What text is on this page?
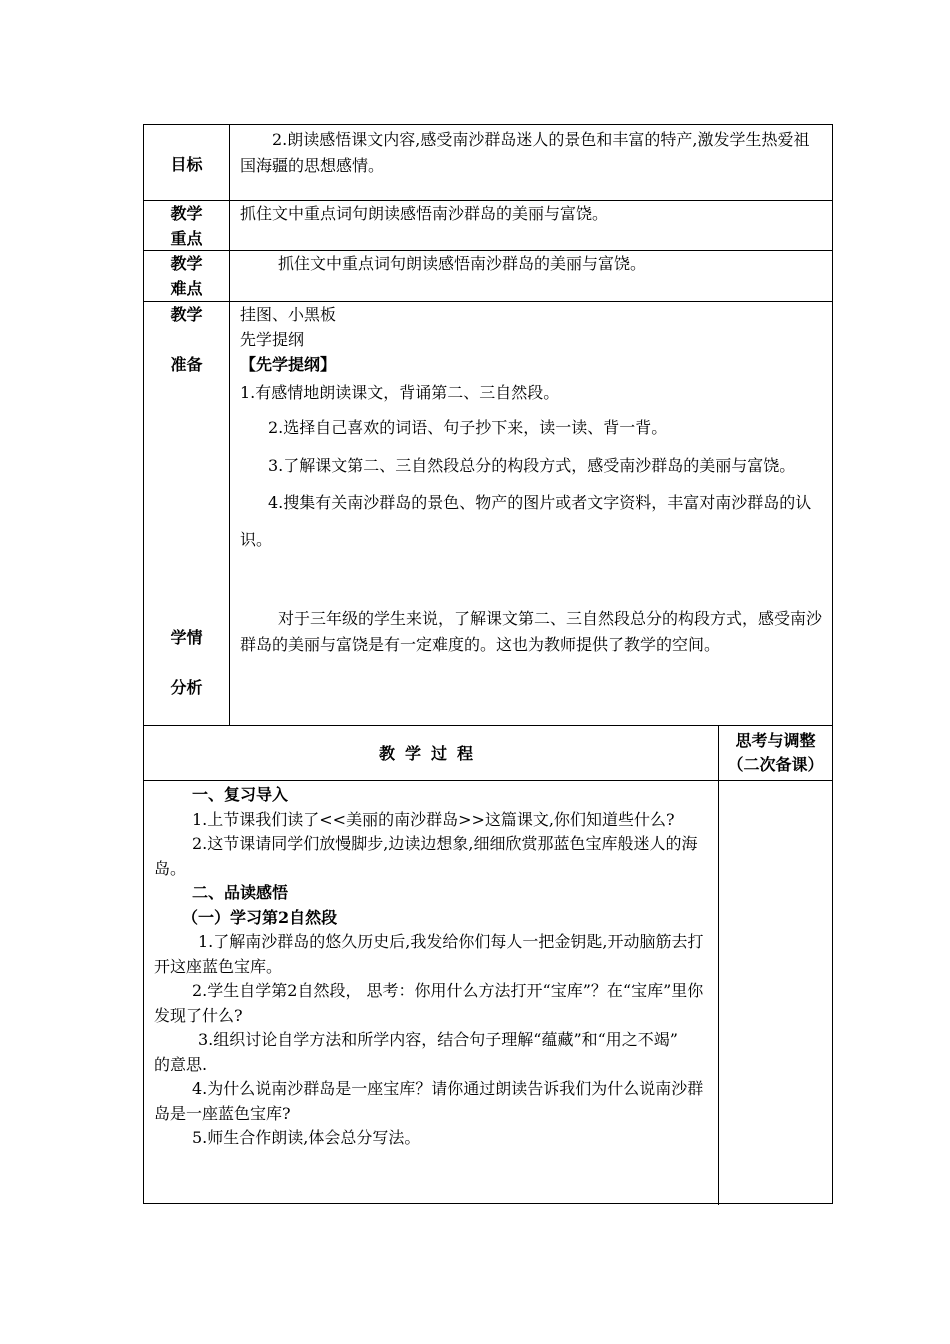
目标

2.朗读感悟课文内容,感受南沙群岛迷人的景色和丰富的特产,激发学生热爱祖国海疆的思想感情。

教学
重点

抓住文中重点词句朗读感悟南沙群岛的美丽与富饶。

教学
难点

抓住文中重点词句朗读感悟南沙群岛的美丽与富饶。

教学
准备
学情
分析

挂图、小黑板

先学提纲

【先学提纲】

1.有感情地朗读课文，背诵第二、三自然段。

2.选择自己喜欢的词语、句子抄下来，读一读、背一背。

3.了解课文第二、三自然段总分的构段方式，感受南沙群岛的美丽与富饶。

4.搜集有关南沙群岛的景色、物产的图片或者文字资料，丰富对南沙群岛的认识。

对于三年级的学生来说，了解课文第二、三自然段总分的构段方式，感受南沙群岛的美丽与富饶是有一定难度的。这也为教师提供了教学的空间。

教学过程
思考与调整
（二次备课）

一、复习导入

1.上节课我们读了<<美丽的南沙群岛>>这篇课文,你们知道些什么?

2.这节课请同学们放慢脚步,边读边想象,细细欣赏那蓝色宝库般迷人的海岛。

二、品读感悟

（一）学习第2自然段

1.了解南沙群岛的悠久历史后,我发给你们每人一把金钥匙,开动脑筋去打开这座蓝色宝库。

2.学生自学第2自然段， 思考：你用什么方法打开“宝库”？在“宝库”里你发现了什么?

3.组织讨论自学方法和所学内容，结合句子理解“蕴藏”和“用之不竭”

的意思.

4.为什么说南沙群岛是一座宝库？请你通过朗读告诉我们为什么说南沙群岛是一座蓝色宝库?

5.师生合作朗读,体会总分写法。
